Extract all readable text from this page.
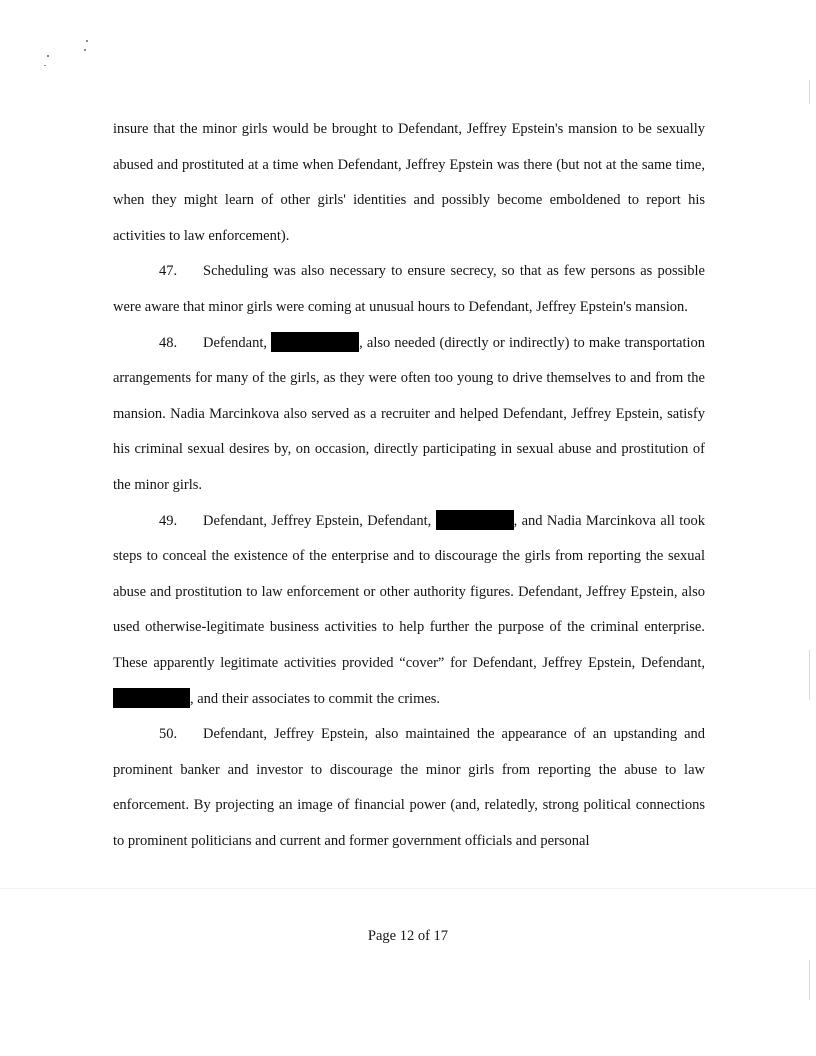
insure that the minor girls would be brought to Defendant, Jeffrey Epstein's mansion to be sexually abused and prostituted at a time when Defendant, Jeffrey Epstein was there (but not at the same time, when they might learn of other girls' identities and possibly become emboldened to report his activities to law enforcement).

47. Scheduling was also necessary to ensure secrecy, so that as few persons as possible were aware that minor girls were coming at unusual hours to Defendant, Jeffrey Epstein's mansion.

48. Defendant,	, also needed (directly or indirectly) to make transportation arrangements for many of the girls, as they were often too young to drive themselves to and from the mansion. Nadia Marcinkova also served as a recruiter and helped Defendant, Jeffrey Epstein, satisfy his criminal sexual desires by, on occasion, directly participating in sexual abuse and prostitution of the minor girls.

49. Defendant, Jeffrey Epstein, Defendant,	, and Nadia Marcinkova all took steps to conceal the existence of the enterprise and to discourage the girls from reporting the sexual abuse and prostitution to law enforcement or other authority figures. Defendant, Jeffrey Epstein, also used otherwise-legitimate business activities to help further the purpose of the criminal enterprise. These apparently legitimate activities provided “cover” for Defendant, Jeffrey Epstein, Defendant, , and their associates to commit the crimes.

50. Defendant, Jeffrey Epstein, also maintained the appearance of an upstanding and prominent banker and investor to discourage the minor girls from reporting the abuse to law enforcement. By projecting an image of financial power (and, relatedly, strong political connections to prominent politicians and current and former government officials and personal

Page 12 of 17
